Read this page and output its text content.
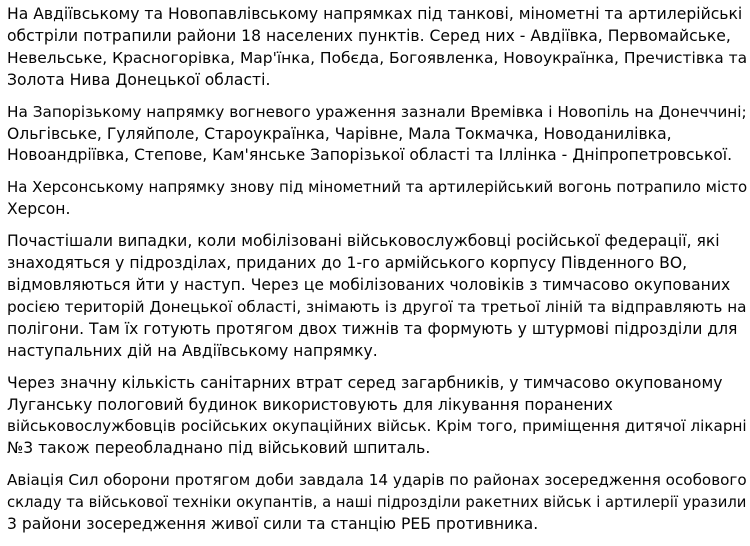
На Авдіївському та Новопавлівському напрямках під танкові, мінометні та артилерійські
обстріли потрапили райони 18 населених пунктів. Серед них - Авдіївка, Первомайське,
Невельське, Красногорівка, Мар'їнка, Побєда, Богоявленка, Новоукраїнка, Пречистівка та
Золота Нива Донецької області.

На Запорізькому напрямку вогневого ураження зазнали Времівка і Новопіль на Донеччині;
Ольгівське, Гуляйполе, Староукраїнка, Чарівне, Мала Токмачка, Новоданилівка,
Новоандріївка, Степове, Кам'янське Запорізької області та Іллінка - Дніпропетровської.

На Херсонському напрямку знову під мінометний та артилерійський вогонь потрапило місто
Херсон.

Почастішали випадки, коли мобілізовані військовослужбовці російської федерації, які
знаходяться у підрозділах, приданих до 1-го армійського корпусу Південного ВО,
відмовляються йти у наступ. Через це мобілізованих чоловіків з тимчасово окупованих
росією територій Донецької області, знімають із другої та третьої ліній та відправляють на
полігони. Там їх готують протягом двох тижнів та формують у штурмові підрозділи для
наступальних дій на Авдіївському напрямку.

Через значну кількість санітарних втрат серед загарбників, у тимчасово окупованому
Луганську пологовий будинок використовують для лікування поранених
військовослужбовців російських окупаційних військ. Крім того, приміщення дитячої лікарні
№3 також переобладнано під військовий шпиталь.

Авіація Сил оборони протягом доби завдала 14 ударів по районах зосередження особового
складу та військової техніки окупантів, а наші підрозділи ракетних військ і артилерії уразили
3 райони зосередження живої сили та станцію РЕБ противника.
